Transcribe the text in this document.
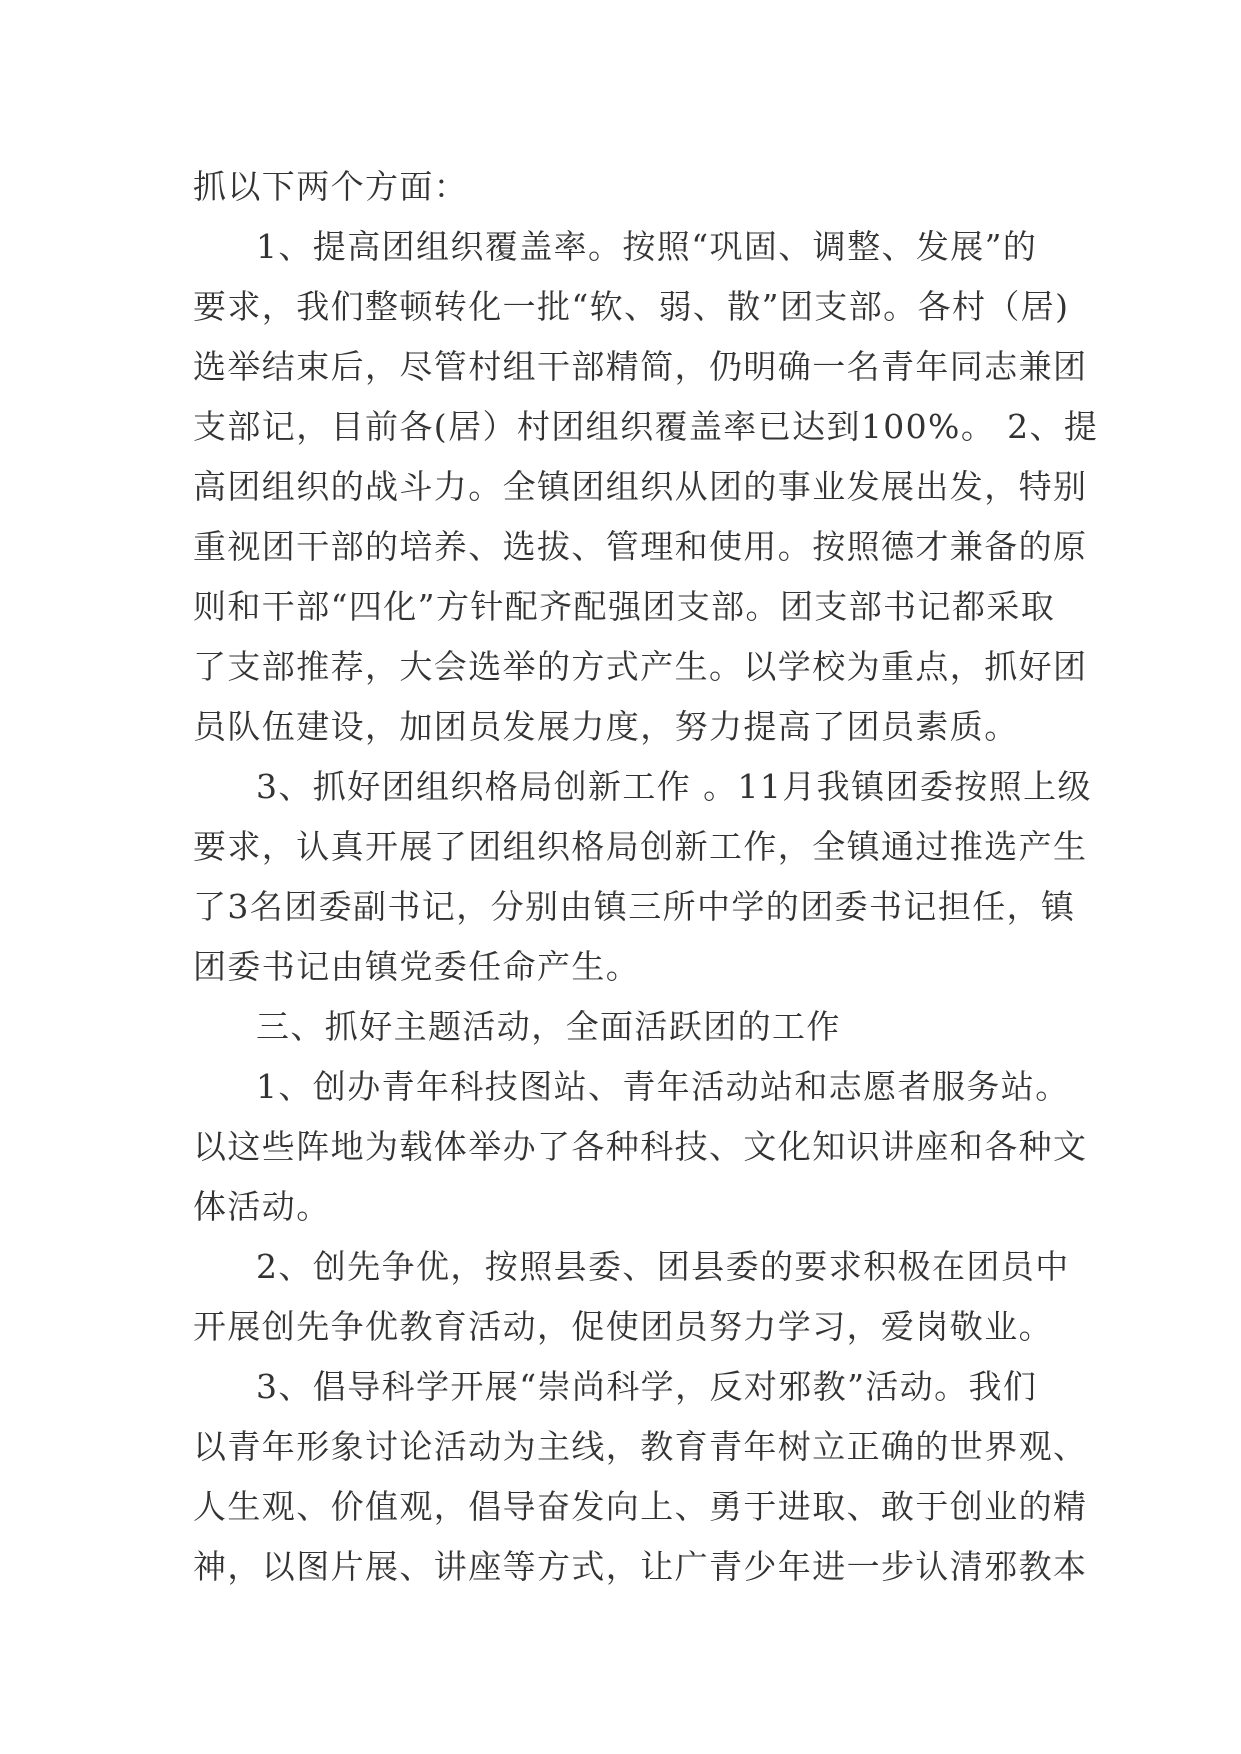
抓以下两个方面：
1、提高团组织覆盖率。按照“巩固、调整、发展”的
要求，我们整顿转化一批“软、弱、散”团支部。各村（居)
选举结束后，尽管村组干部精简，仍明确一名青年同志兼团
支部记，目前各(居）村团组织覆盖率已达到100%。 2、提
高团组织的战斗力。全镇团组织从团的事业发展出发，特别
重视团干部的培养、选拔、管理和使用。按照德才兼备的原
则和干部“四化”方针配齐配强团支部。团支部书记都采取
了支部推荐，大会选举的方式产生。以学校为重点，抓好团
员队伍建设，加团员发展力度，努力提高了团员素质。
3、抓好团组织格局创新工作 。11月我镇团委按照上级
要求，认真开展了团组织格局创新工作，全镇通过推选产生
了3名团委副书记，分别由镇三所中学的团委书记担任，镇
团委书记由镇党委任命产生。
三、抓好主题活动，全面活跃团的工作
1、创办青年科技图站、青年活动站和志愿者服务站。
以这些阵地为载体举办了各种科技、文化知识讲座和各种文
体活动。
2、创先争优，按照县委、团县委的要求积极在团员中
开展创先争优教育活动，促使团员努力学习，爱岗敬业。
3、倡导科学开展“崇尚科学，反对邪教”活动。我们
以青年形象讨论活动为主线，教育青年树立正确的世界观、
人生观、价值观，倡导奋发向上、勇于进取、敢于创业的精
神，以图片展、讲座等方式，让广青少年进一步认清邪教本
